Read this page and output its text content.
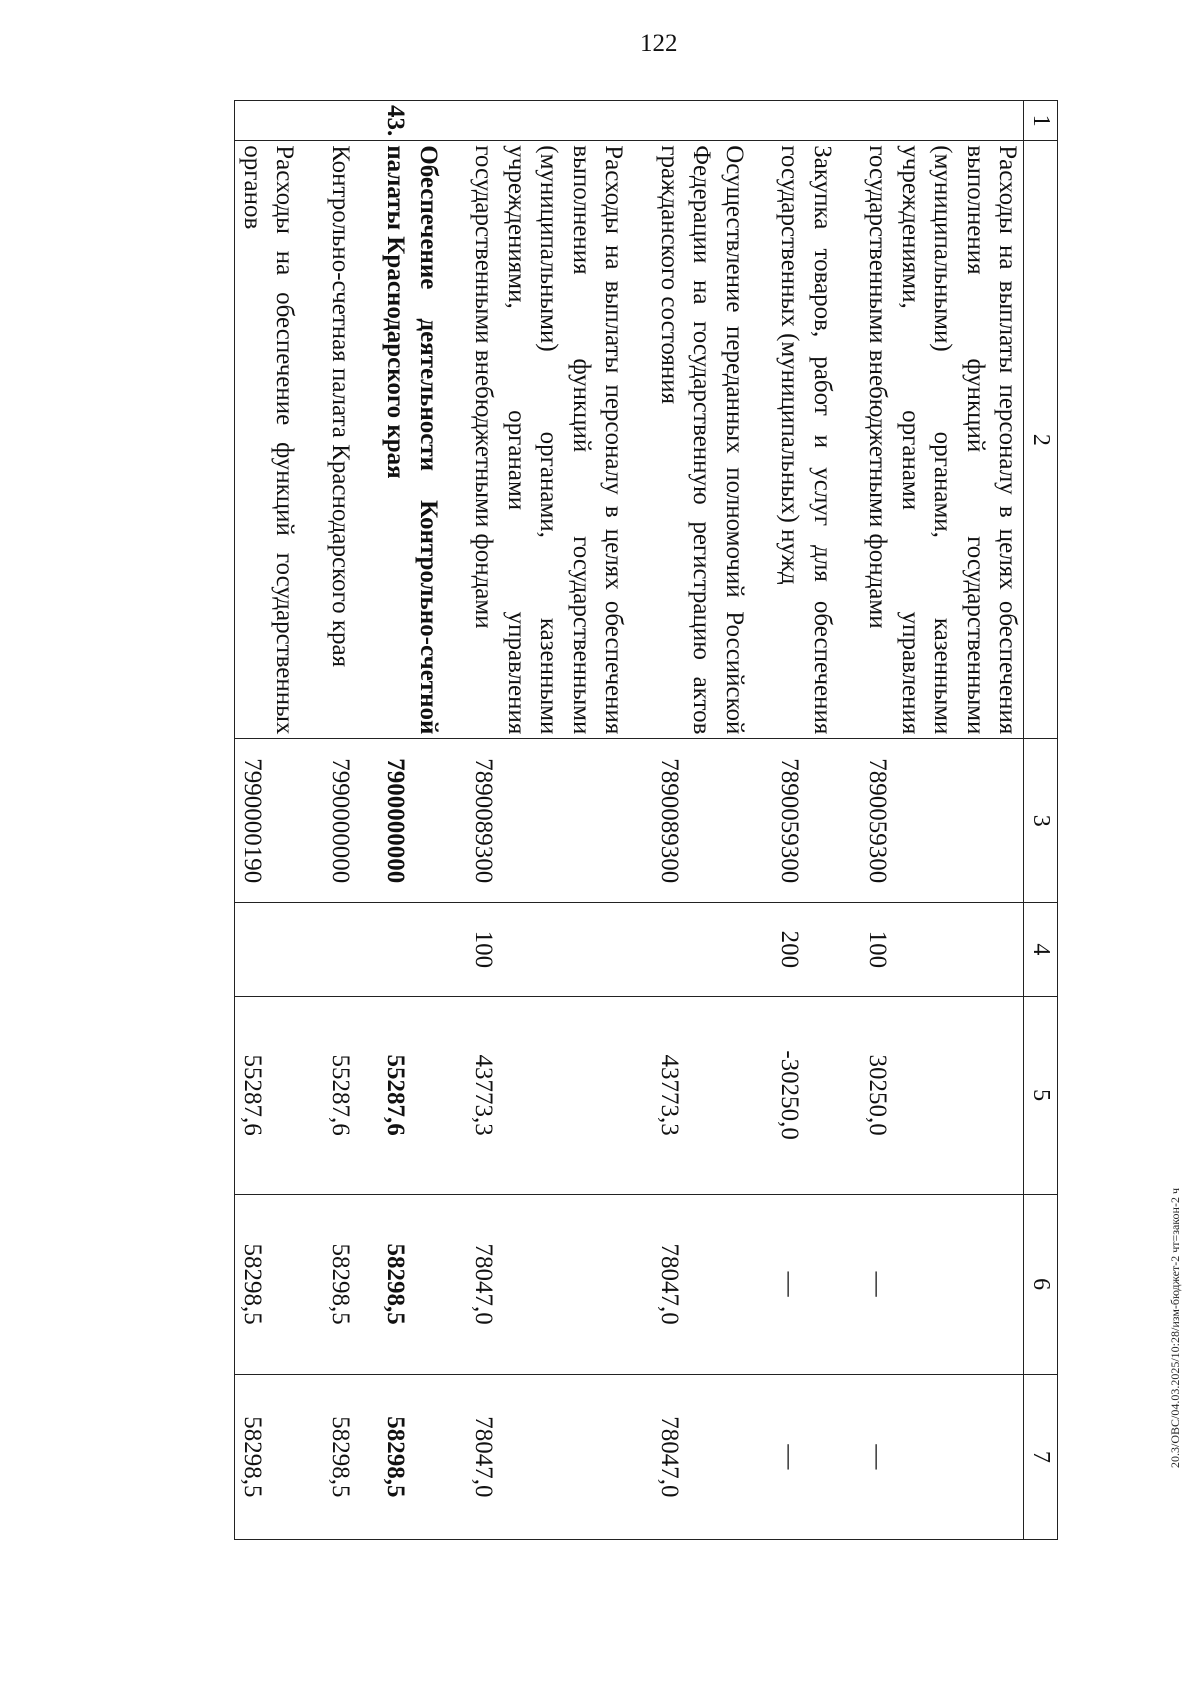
122
1	2	3	4	5	6	7
	Расходы на выплаты персоналу в целях обеспечения выполнения функций государственными (муниципальными) органами, казенными учреждениями, органами управления государственными внебюджетными фондами	7890059300	100	30250,0	—	—

	Закупка товаров, работ и услуг для обеспечения государственных (муниципальных) нужд	7890059300	200	-30250,0	—	—

	Осуществление переданных полномочий Российской Федерации на государственную регистрацию актов гражданского состояния	7890089300		43773,3	78047,0	78047,0

	Расходы на выплаты персоналу в целях обеспечения выполнения функций государственными (муниципальными) органами, казенными учреждениями, органами управления государственными внебюджетными фондами	7890089300	100	43773,3	78047,0	78047,0

43.	Обеспечение деятельности Контрольно-счетной палаты Краснодарского края	7900000000		55287,6	58298,5	58298,5

	Контрольно-счетная палата Краснодарского края	7990000000		55287,6	58298,5	58298,5

	Расходы на обеспечение функций государственных органов	7990000190		55287,6	58298,5	58298,5	20.3/ОВС/04.03.2025/10:28/изм-бюджет-2 чт=закон-2 ч
